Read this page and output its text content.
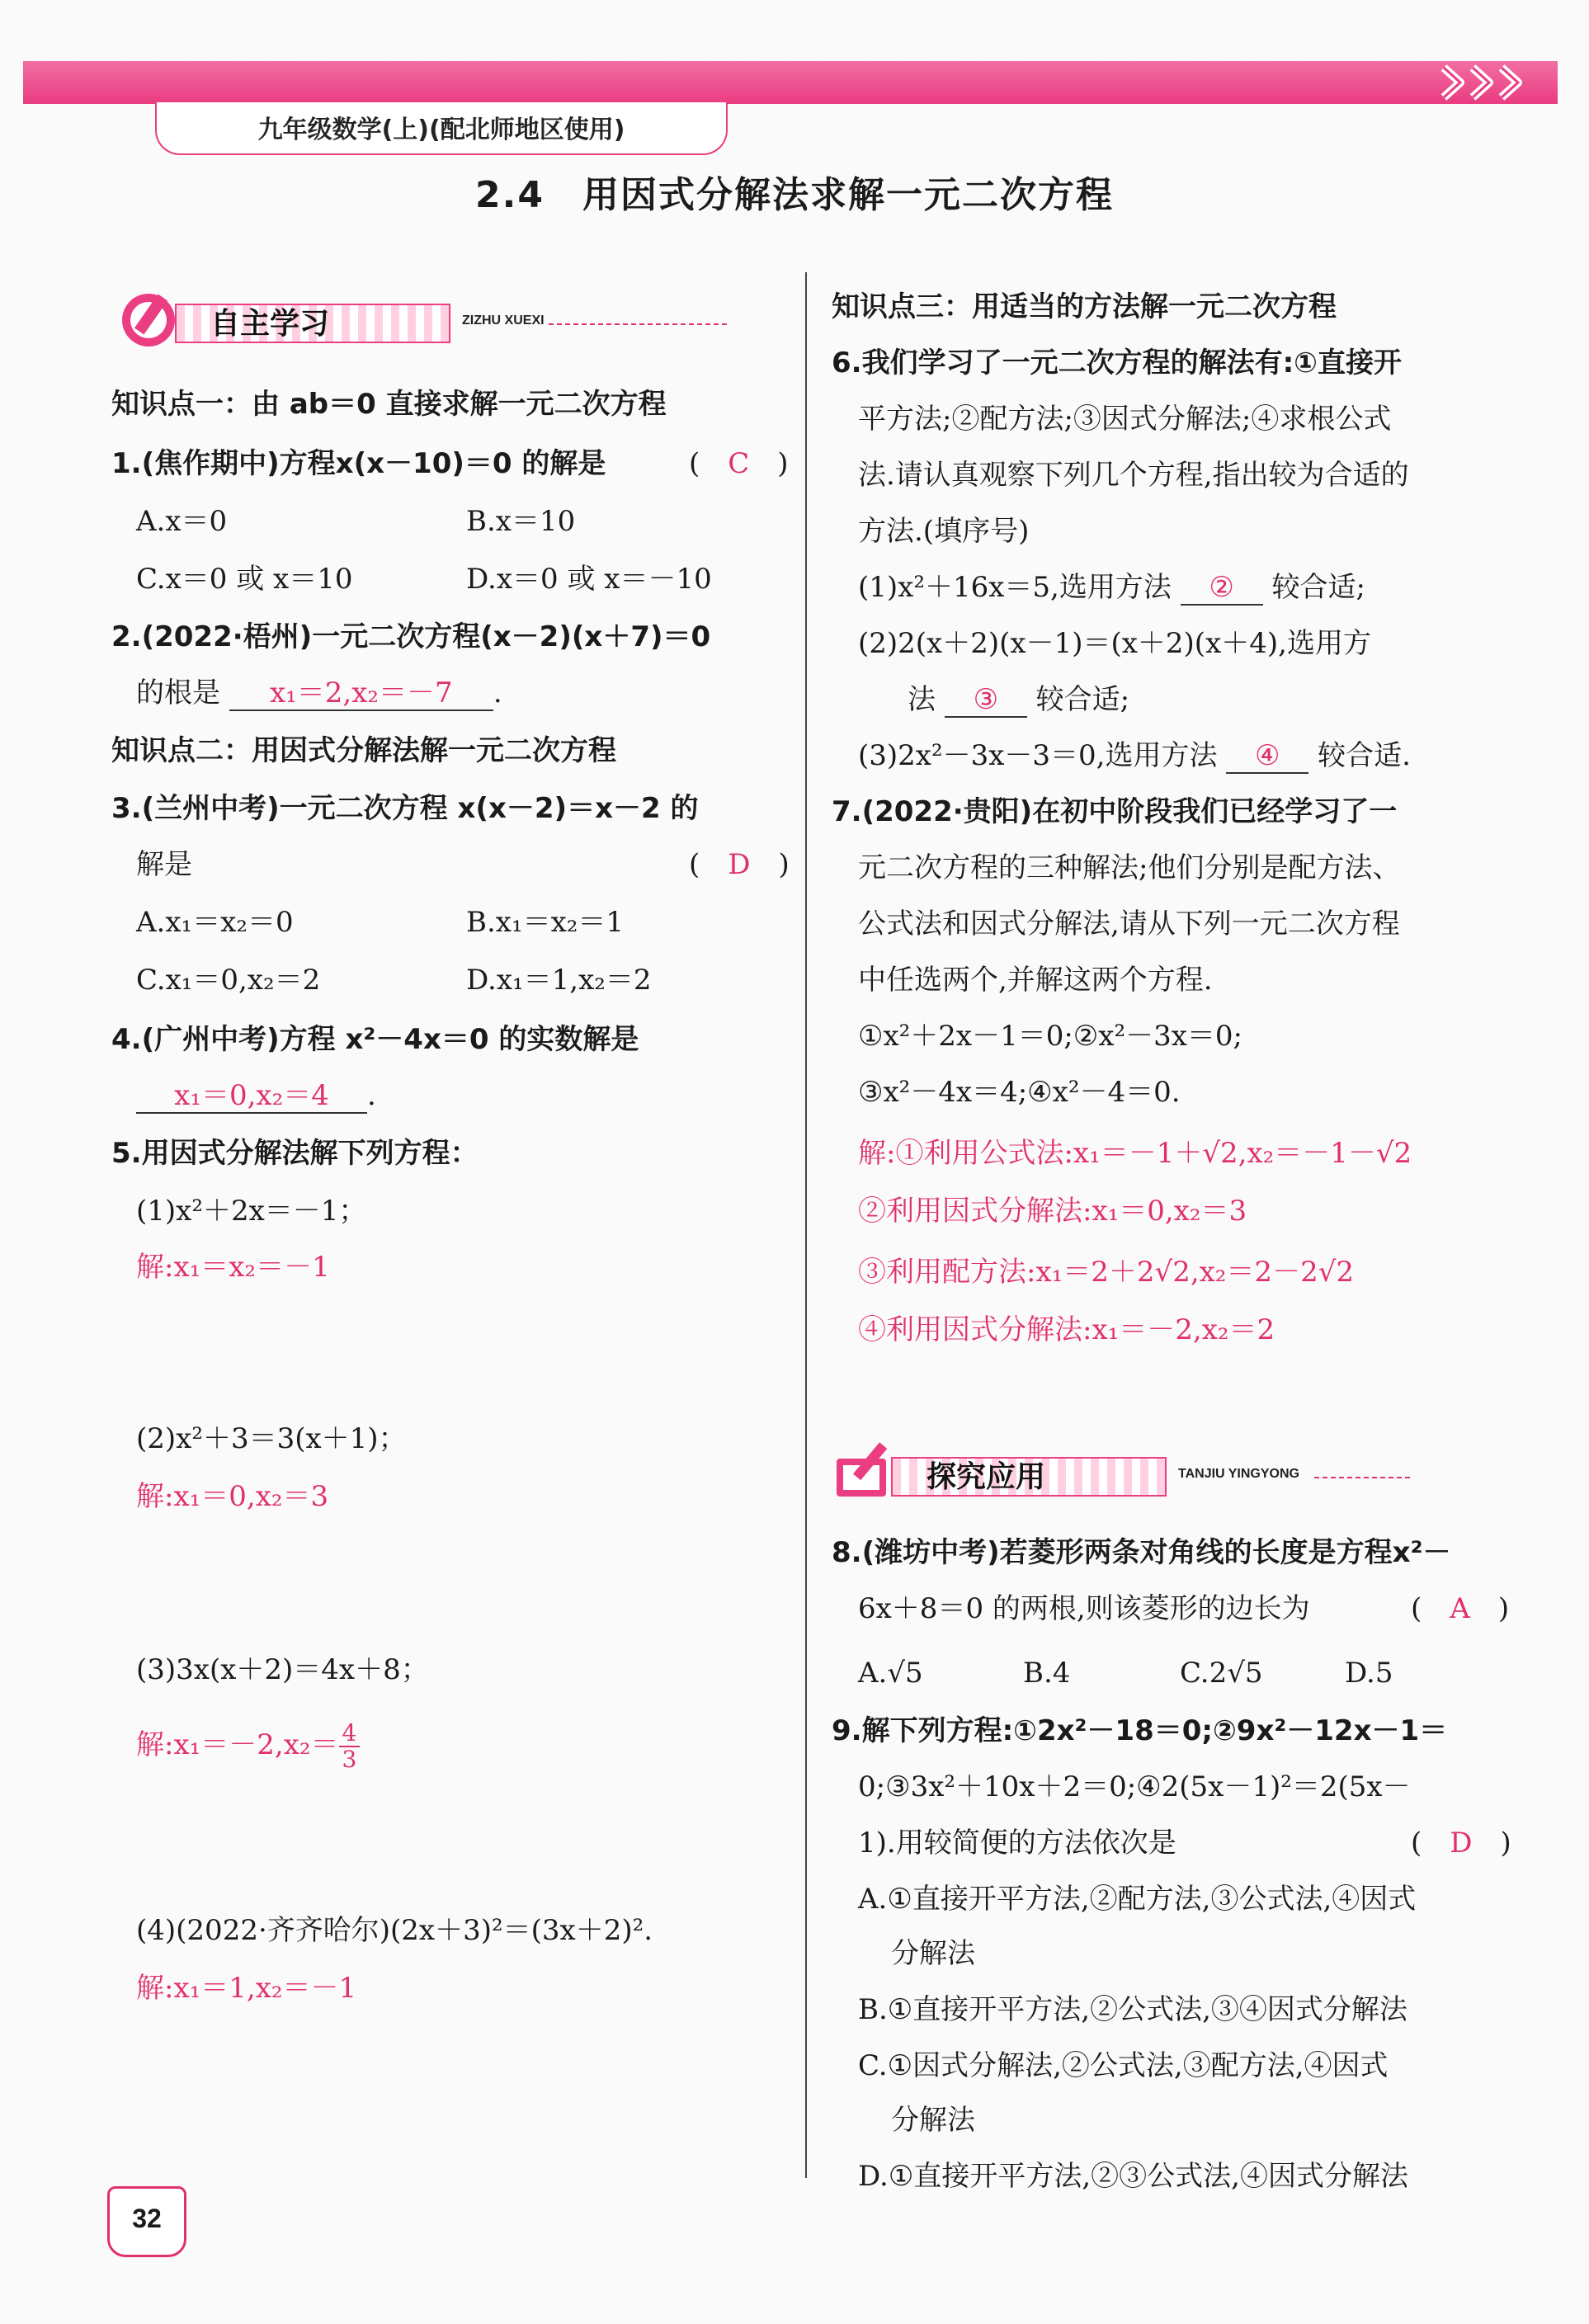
九年级数学(上)(配北师地区使用)
2.4　用因式分解法求解一元二次方程
自主学习	ZIZHU XUEXI
知识点一：由 ab＝0 直接求解一元二次方程
1.(焦作期中)方程x(x－10)＝0 的解是	(　C　)
A.x＝0	B.x＝10
C.x＝0 或 x＝10	D.x＝0 或 x＝－10
2.(2022·梧州)一元二次方程(x－2)(x＋7)＝0
的根是 x₁＝2,x₂＝－7 .
知识点二：用因式分解法解一元二次方程
3.(兰州中考)一元二次方程 x(x－2)＝x－2 的
解是	(　D　)
A.x₁＝x₂＝0	B.x₁＝x₂＝1
C.x₁＝0,x₂＝2	D.x₁＝1,x₂＝2
4.(广州中考)方程 x²－4x＝0 的实数解是
x₁＝0,x₂＝4 .
5.用因式分解法解下列方程：
(1)x²＋2x＝－1；
解:x₁＝x₂＝－1
(2)x²＋3＝3(x＋1)；
解:x₁＝0,x₂＝3
(3)3x(x＋2)＝4x＋8；
解:x₁＝－2,x₂＝ $\frac{4}{3}$
(4)(2022·齐齐哈尔)(2x＋3)²＝(3x＋2)².
解:x₁＝1,x₂＝－1
知识点三：用适当的方法解一元二次方程
6.我们学习了一元二次方程的解法有:①直接开
平方法;②配方法;③因式分解法;④求根公式
法.请认真观察下列几个方程,指出较为合适的
方法.(填序号)
(1)x²＋16x＝5,选用方法 ② 较合适;
(2)2(x＋2)(x－1)＝(x＋2)(x＋4),选用方
法 ③ 较合适;
(3)2x²－3x－3＝0,选用方法 ④ 较合适.
7.(2022·贵阳)在初中阶段我们已经学习了一
元二次方程的三种解法;他们分别是配方法、
公式法和因式分解法,请从下列一元二次方程
中任选两个,并解这两个方程.
①x²＋2x－1＝0;②x²－3x＝0;
③x²－4x＝4;④x²－4＝0.
解:①利用公式法:x₁＝－1＋√2,x₂＝－1－√2
②利用因式分解法:x₁＝0,x₂＝3
③利用配方法:x₁＝2＋2√2,x₂＝2－2√2
④利用因式分解法:x₁＝－2,x₂＝2
探究应用	TANJIU YINGYONG
8.(潍坊中考)若菱形两条对角线的长度是方程x²－
6x＋8＝0 的两根,则该菱形的边长为	(　A　)
A.√5	B.4	C.2√5	D.5
9.解下列方程:①2x²－18＝0;②9x²－12x－1＝
0;③3x²＋10x＋2＝0;④2(5x－1)²＝2(5x－
1).用较简便的方法依次是	(　D　)
A.①直接开平方法,②配方法,③公式法,④因式
分解法
B.①直接开平方法,②公式法,③④因式分解法
C.①因式分解法,②公式法,③配方法,④因式
分解法
D.①直接开平方法,②③公式法,④因式分解法
32
